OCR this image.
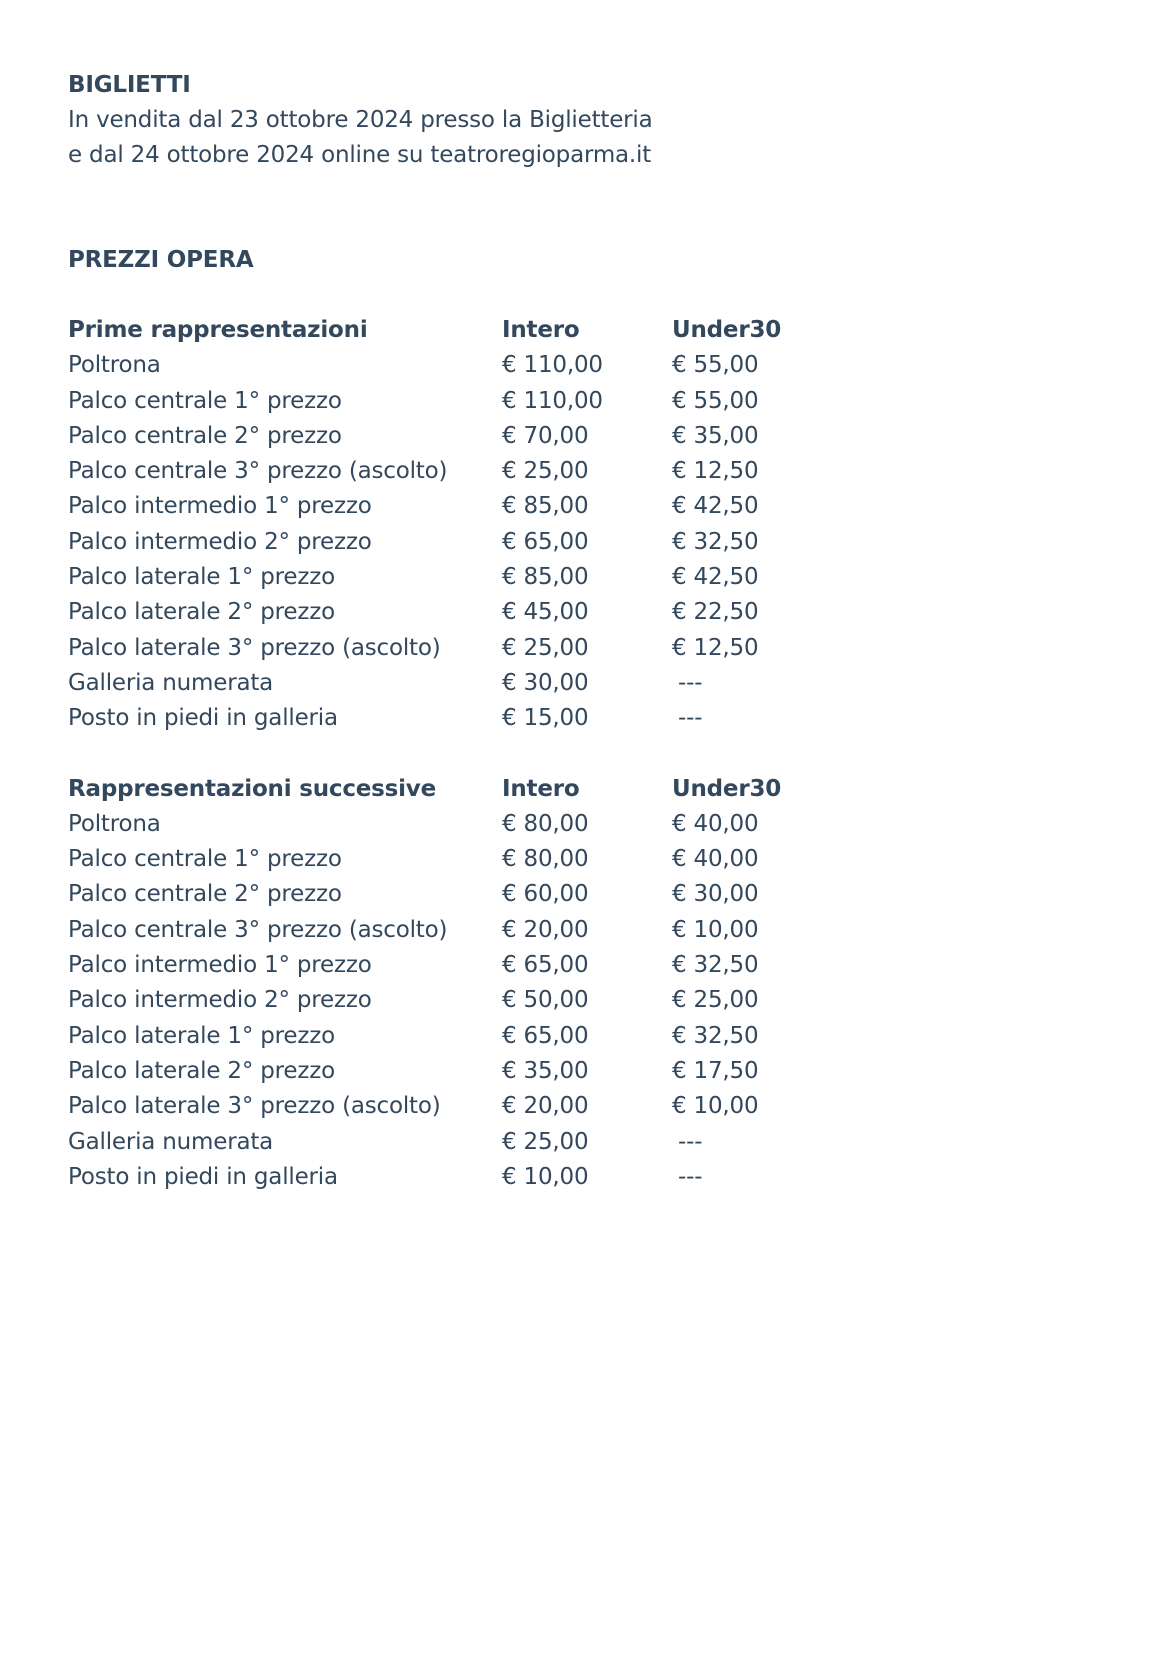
BIGLIETTI
In vendita dal 23 ottobre 2024 presso la Biglietteria
e dal 24 ottobre 2024 online su teatroregioparma.it
PREZZI OPERA
Prime rappresentazioni	Intero	Under30
Poltrona	€ 110,00	€ 55,00
Palco centrale 1° prezzo	€ 110,00	€ 55,00
Palco centrale 2° prezzo	€ 70,00	€ 35,00
Palco centrale 3° prezzo (ascolto) € 25,00	€ 12,50
Palco intermedio 1° prezzo	€ 85,00	€ 42,50
Palco intermedio 2° prezzo	€ 65,00	€ 32,50
Palco laterale 1° prezzo	€ 85,00	€ 42,50
Palco laterale 2° prezzo	€ 45,00	€ 22,50
Palco laterale 3° prezzo (ascolto)	€ 25,00	€ 12,50
Galleria numerata	€ 30,00	---
Posto in piedi in galleria	€ 15,00	---
Rappresentazioni successive	Intero	Under30
Poltrona	€ 80,00	€ 40,00
Palco centrale 1° prezzo	€ 80,00	€ 40,00
Palco centrale 2° prezzo	€ 60,00	€ 30,00
Palco centrale 3° prezzo (ascolto) € 20,00	€ 10,00
Palco intermedio 1° prezzo	€ 65,00	€ 32,50
Palco intermedio 2° prezzo	€ 50,00	€ 25,00
Palco laterale 1° prezzo	€ 65,00	€ 32,50
Palco laterale 2° prezzo	€ 35,00	€ 17,50
Palco laterale 3° prezzo (ascolto)	€ 20,00	€ 10,00
Galleria numerata	€ 25,00	---
Posto in piedi in galleria	€ 10,00	---
